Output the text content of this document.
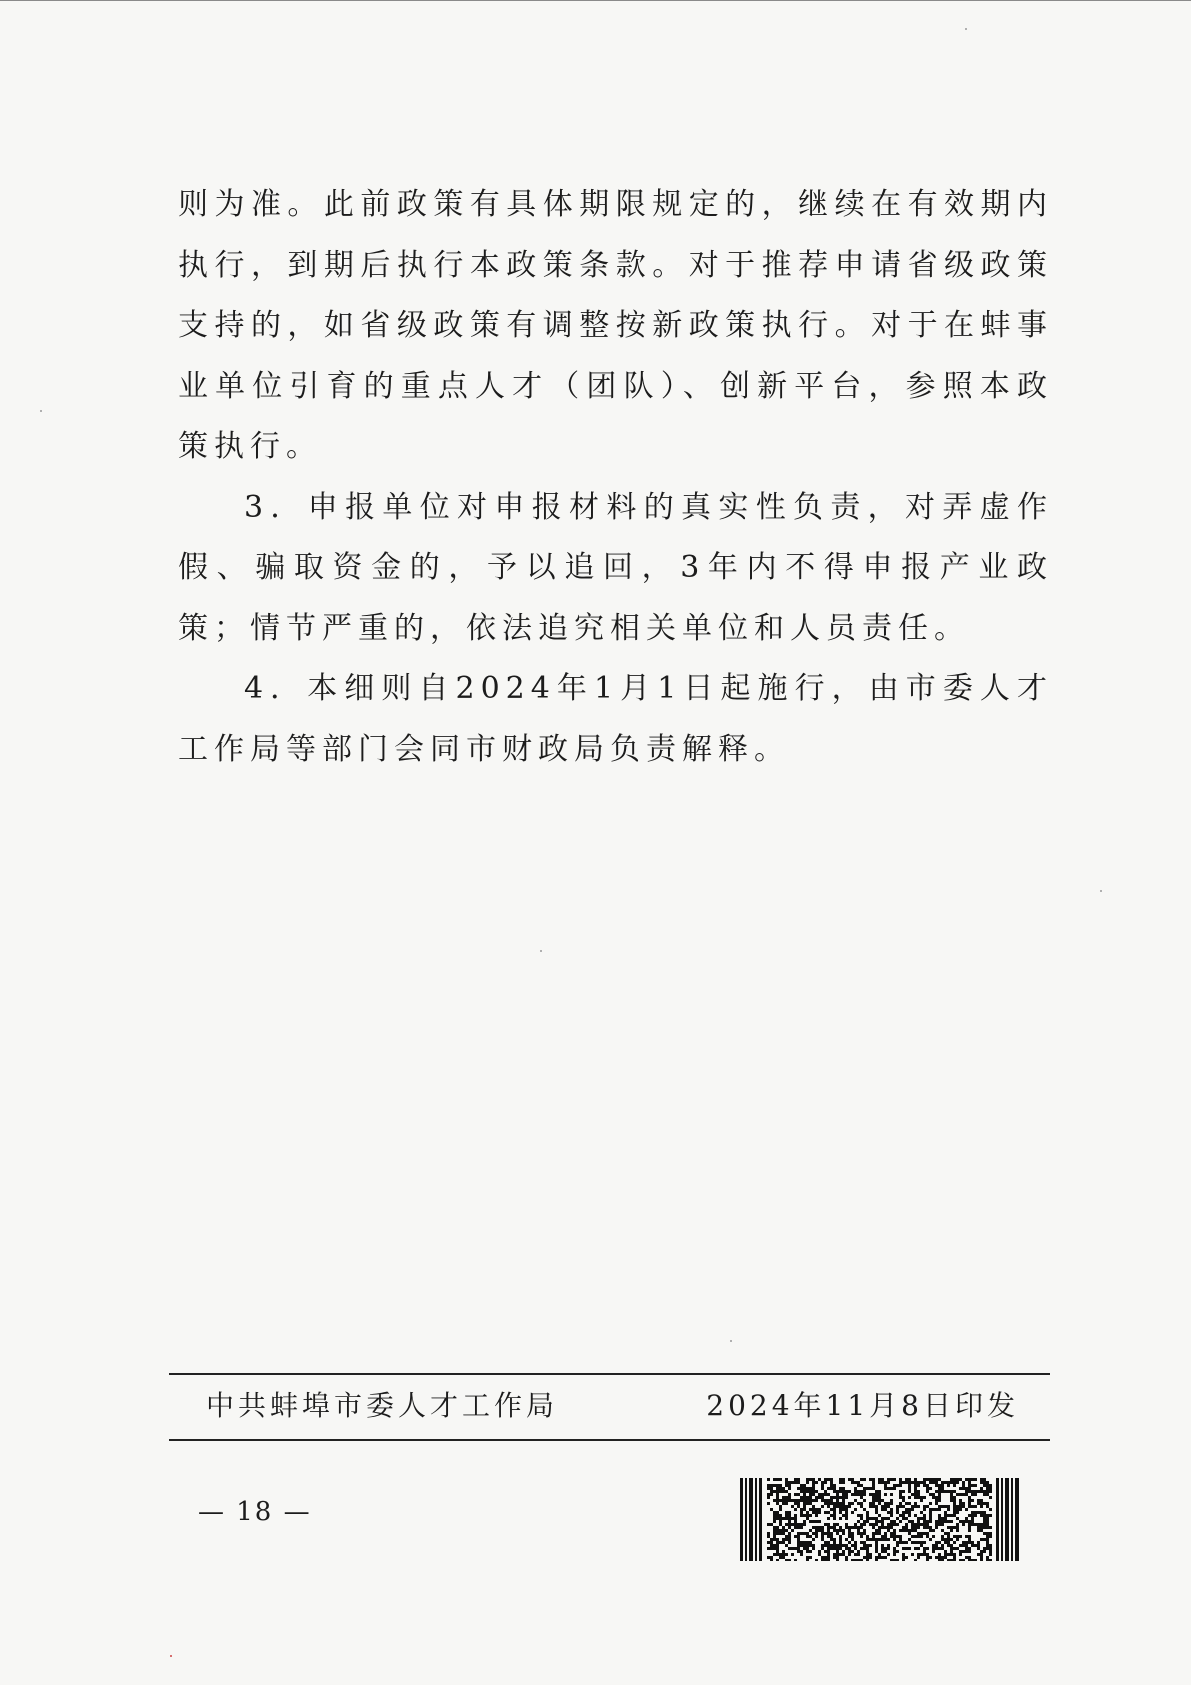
则为准。此前政策有具体期限规定的，继续在有效期内执行，到期后执行本政策条款。对于推荐申请省级政策支持的，如省级政策有调整按新政策执行。对于在蚌事业单位引育的重点人才（团队）、创新平台，参照本政策执行。

3．申报单位对申报材料的真实性负责，对弄虚作假、骗取资金的，予以追回，3年内不得申报产业政策；情节严重的，依法追究相关单位和人员责任。

4．本细则自2024年1月1日起施行，由市委人才工作局等部门会同市财政局负责解释。

中共蚌埠市委人才工作局	2024年11月8日印发
— 18 —
